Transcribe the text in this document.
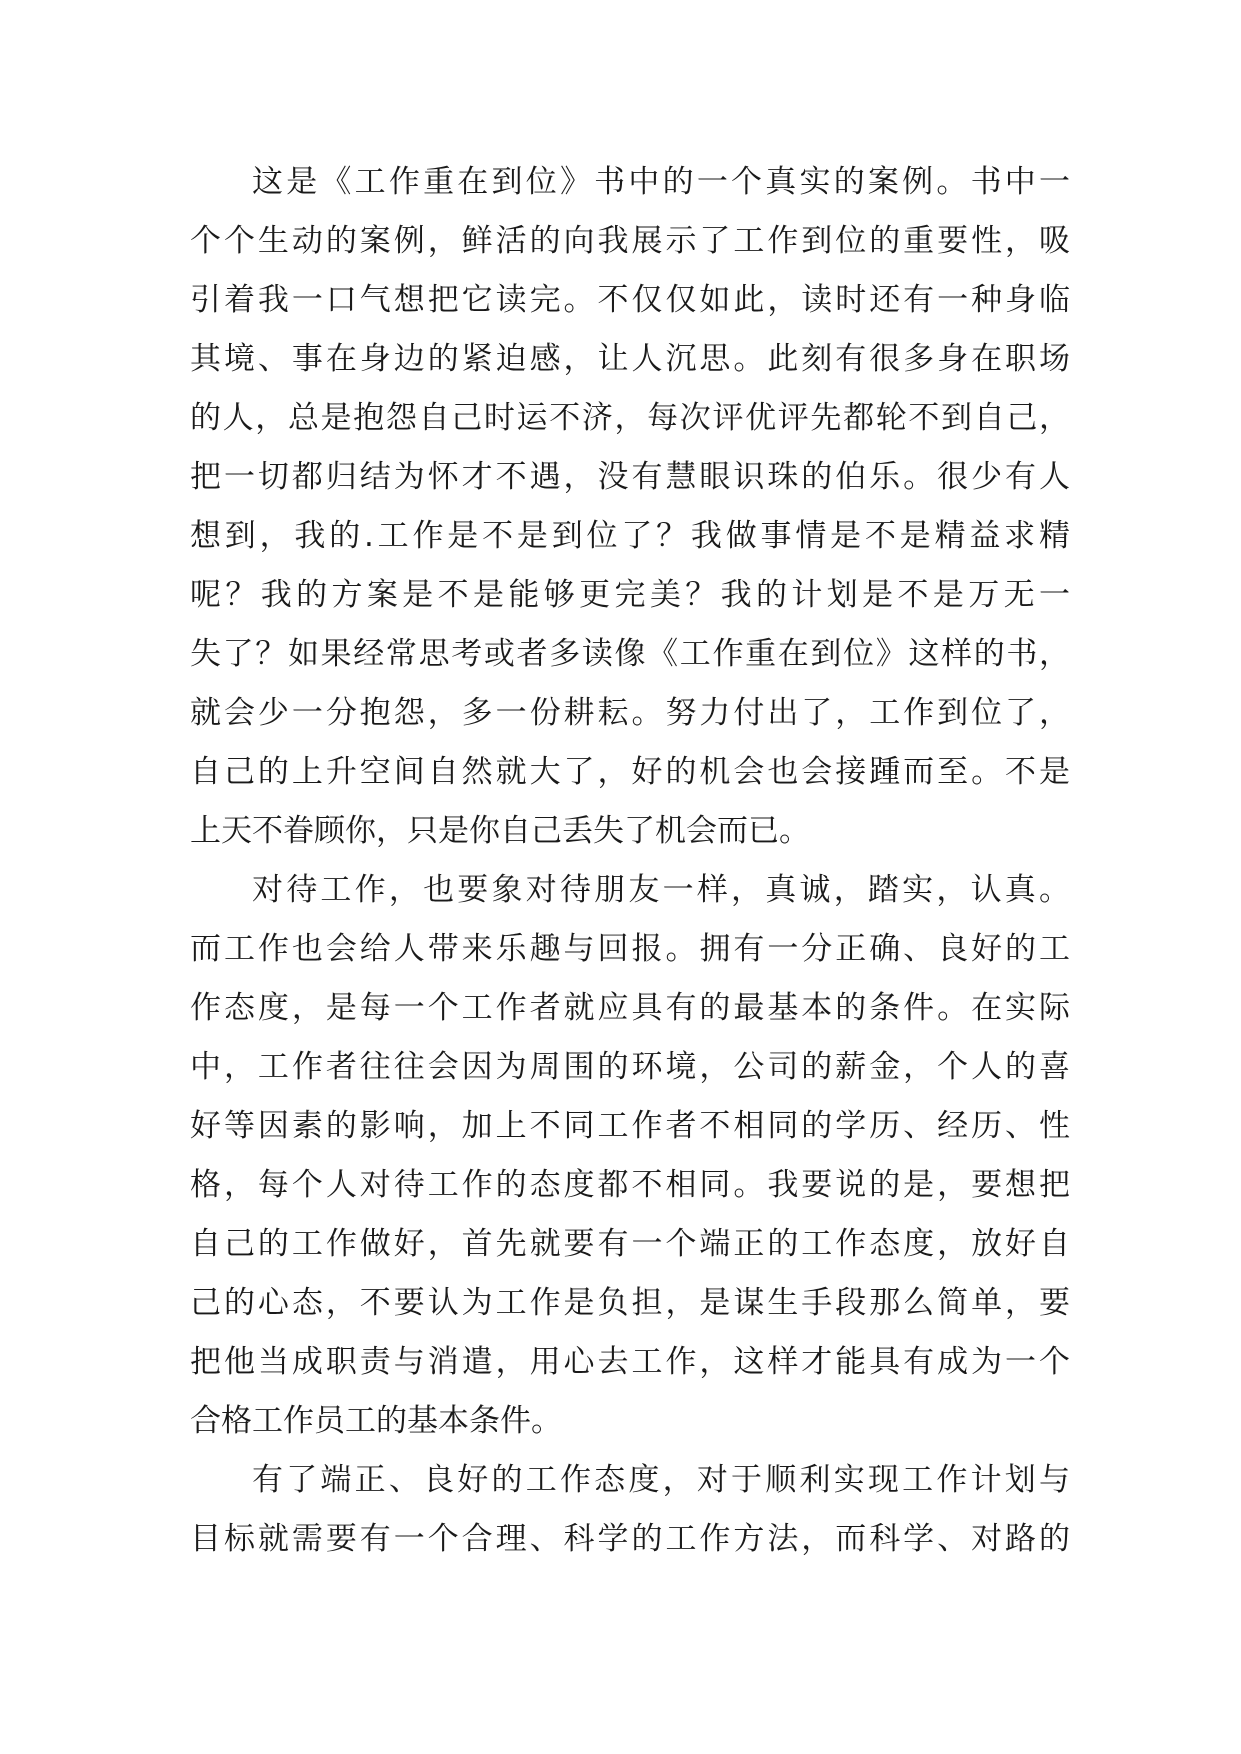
这是《工作重在到位》书中的一个真实的案例。书中一

个个生动的案例，鲜活的向我展示了工作到位的重要性，吸

引着我一口气想把它读完。不仅仅如此，读时还有一种身临

其境、事在身边的紧迫感，让人沉思。此刻有很多身在职场

的人，总是抱怨自己时运不济，每次评优评先都轮不到自己，

把一切都归结为怀才不遇，没有慧眼识珠的伯乐。很少有人

想到，我的.工作是不是到位了？我做事情是不是精益求精

呢？我的方案是不是能够更完美？我的计划是不是万无一

失了？如果经常思考或者多读像《工作重在到位》这样的书，

就会少一分抱怨，多一份耕耘。努力付出了，工作到位了，

自己的上升空间自然就大了，好的机会也会接踵而至。不是

上天不眷顾你，只是你自己丢失了机会而已。

对待工作，也要象对待朋友一样，真诚，踏实，认真。

而工作也会给人带来乐趣与回报。拥有一分正确、良好的工

作态度，是每一个工作者就应具有的最基本的条件。在实际

中，工作者往往会因为周围的环境，公司的薪金，个人的喜

好等因素的影响，加上不同工作者不相同的学历、经历、性

格，每个人对待工作的态度都不相同。我要说的是，要想把

自己的工作做好，首先就要有一个端正的工作态度，放好自

己的心态，不要认为工作是负担，是谋生手段那么简单，要

把他当成职责与消遣，用心去工作，这样才能具有成为一个

合格工作员工的基本条件。

有了端正、良好的工作态度，对于顺利实现工作计划与

目标就需要有一个合理、科学的工作方法，而科学、对路的
